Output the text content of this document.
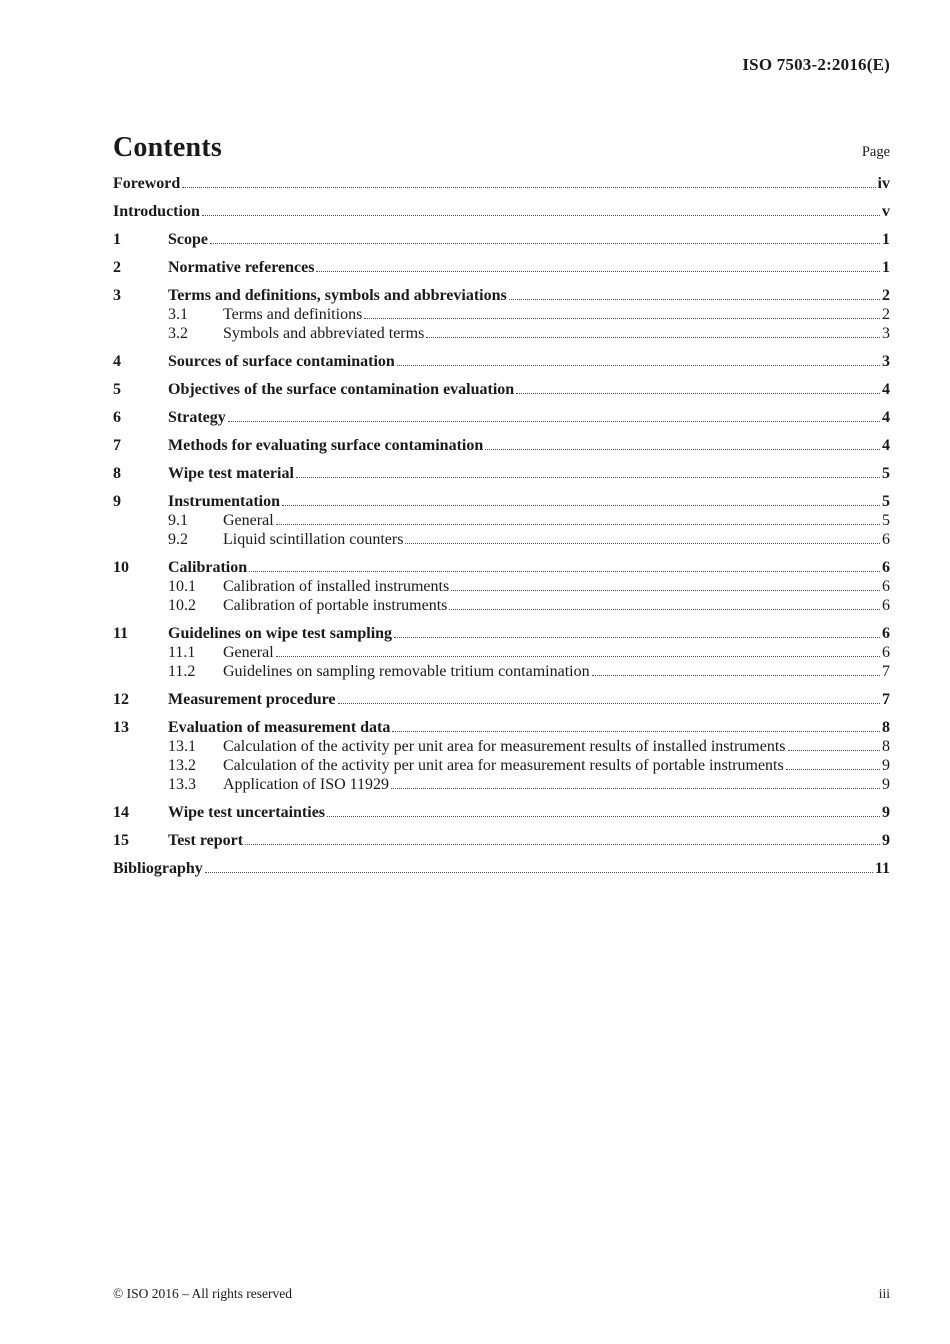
ISO 7503-2:2016(E)
Contents	Page
Foreword	iv
Introduction	v
1	Scope	1
2	Normative references	1
3	Terms and definitions, symbols and abbreviations	2
3.1	Terms and definitions	2
3.2	Symbols and abbreviated terms	3
4	Sources of surface contamination	3
5	Objectives of the surface contamination evaluation	4
6	Strategy	4
7	Methods for evaluating surface contamination	4
8	Wipe test material	5
9	Instrumentation	5
9.1	General	5
9.2	Liquid scintillation counters	6
10	Calibration	6
10.1	Calibration of installed instruments	6
10.2	Calibration of portable instruments	6
11	Guidelines on wipe test sampling	6
11.1	General	6
11.2	Guidelines on sampling removable tritium contamination	7
12	Measurement procedure	7
13	Evaluation of measurement data	8
13.1	Calculation of the activity per unit area for measurement results of installed instruments	8
13.2	Calculation of the activity per unit area for measurement results of portable instruments	9
13.3	Application of ISO 11929	9
14	Wipe test uncertainties	9
15	Test report	9
Bibliography	11
© ISO 2016 – All rights reserved	iii
